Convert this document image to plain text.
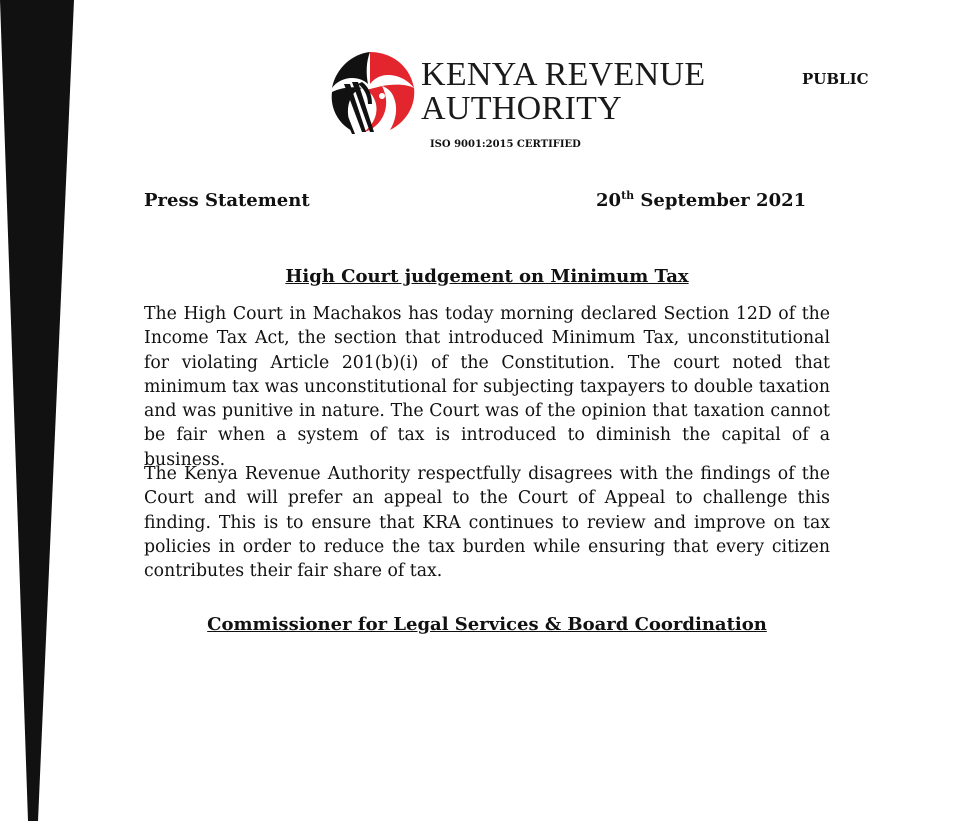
KENYA REVENUE
AUTHORITY
ISO 9001:2015 CERTIFIED
PUBLIC
Press Statement	20th September 2021
High Court judgement on Minimum Tax

The High Court in Machakos has today morning declared Section 12D of the Income Tax Act, the section that introduced Minimum Tax, unconstitutional for violating Article 201(b)(i) of the Constitution. The court noted that minimum tax was unconstitutional for subjecting taxpayers to double taxation and was punitive in nature. The Court was of the opinion that taxation cannot be fair when a system of tax is introduced to diminish the capital of a business.

The Kenya Revenue Authority respectfully disagrees with the findings of the Court and will prefer an appeal to the Court of Appeal to challenge this finding. This is to ensure that KRA continues to review and improve on tax policies in order to reduce the tax burden while ensuring that every citizen contributes their fair share of tax.

Commissioner for Legal Services & Board Coordination
